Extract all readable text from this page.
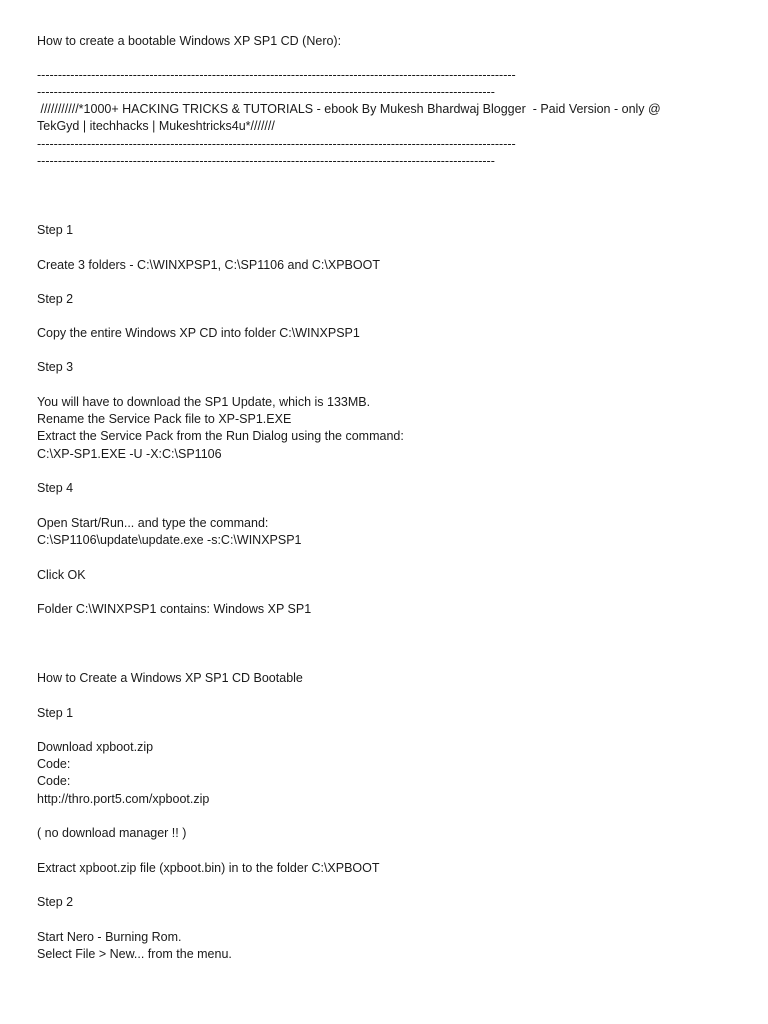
How to create a bootable Windows XP SP1 CD (Nero):
-------------------------------------------------------------------------------------------------------------------
--------------------------------------------------------------------------------------------------------------
///////////*1000+ HACKING TRICKS & TUTORIALS - ebook By Mukesh Bhardwaj Blogger  - Paid Version - only @
TekGyd | itechhacks | Mukeshtricks4u*///////
-------------------------------------------------------------------------------------------------------------------
--------------------------------------------------------------------------------------------------------------
Step 1
Create 3 folders - C:\WINXPSP1, C:\SP1106 and C:\XPBOOT
Step 2
Copy the entire Windows XP CD into folder C:\WINXPSP1
Step 3
You will have to download the SP1 Update, which is 133MB.
Rename the Service Pack file to XP-SP1.EXE
Extract the Service Pack from the Run Dialog using the command:
C:\XP-SP1.EXE -U -X:C:\SP1106
Step 4
Open Start/Run... and type the command:
C:\SP1106\update\update.exe -s:C:\WINXPSP1
Click OK
Folder C:\WINXPSP1 contains: Windows XP SP1
How to Create a Windows XP SP1 CD Bootable
Step 1
Download xpboot.zip
Code:
Code:
http://thro.port5.com/xpboot.zip
( no download manager !! )
Extract xpboot.zip file (xpboot.bin) in to the folder C:\XPBOOT
Step 2
Start Nero - Burning Rom.
Select File > New... from the menu.
